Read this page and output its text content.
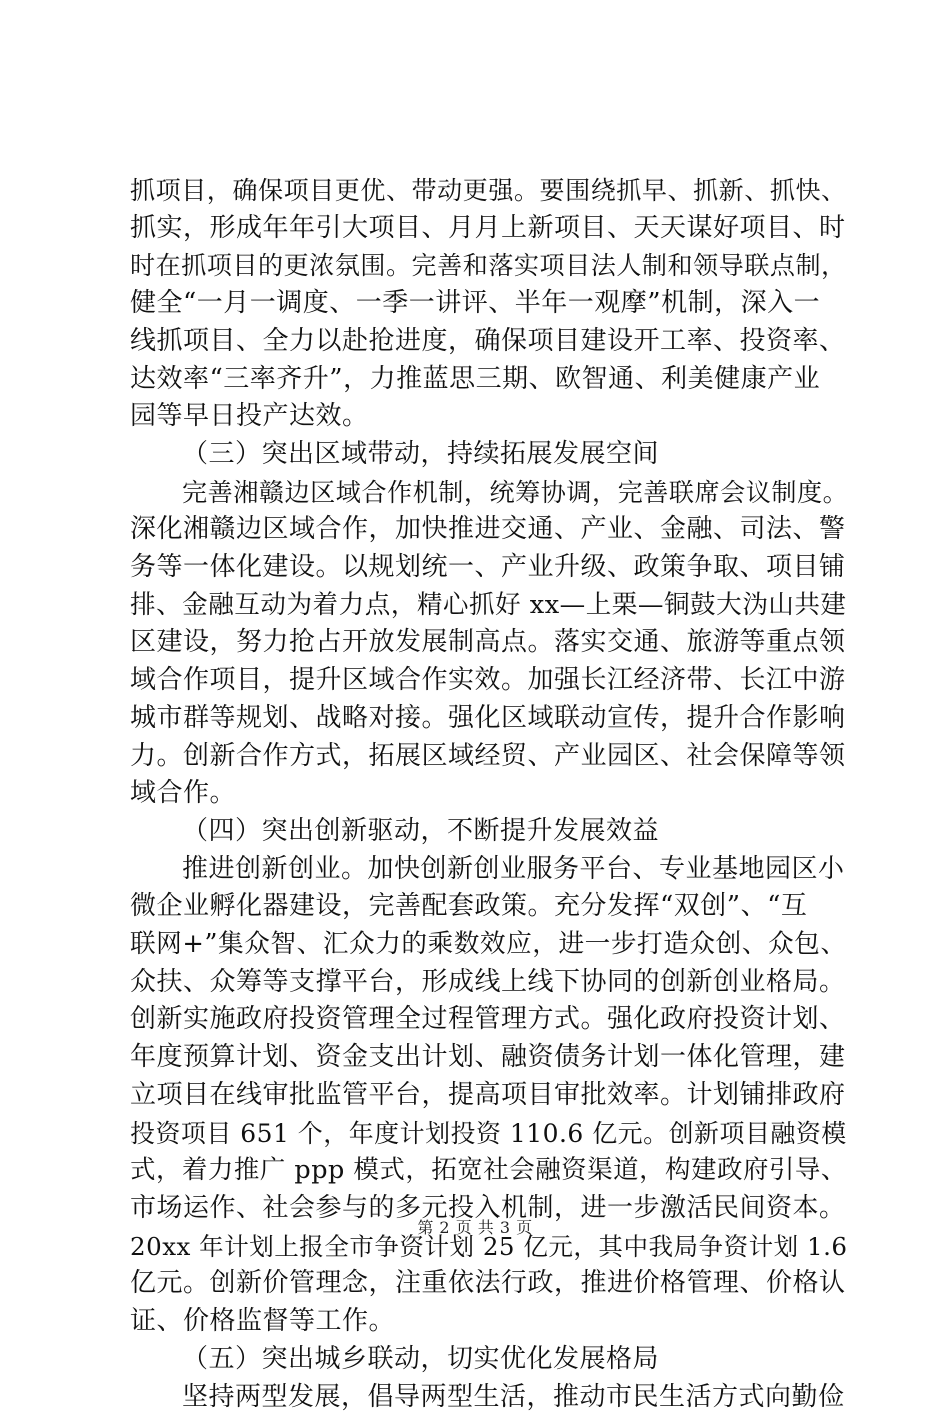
抓项目，确保项目更优、带动更强。要围绕抓早、抓新、抓快、

抓实，形成年年引大项目、月月上新项目、天天谋好项目、时

时在抓项目的更浓氛围。完善和落实项目法人制和领导联点制，

健全“一月一调度、一季一讲评、半年一观摩”机制，深入一

线抓项目、全力以赴抢进度，确保项目建设开工率、投资率、

达效率“三率齐升”，力推蓝思三期、欧智通、利美健康产业

园等早日投产达效。

（三）突出区域带动，持续拓展发展空间

完善湘赣边区域合作机制，统筹协调，完善联席会议制度。

深化湘赣边区域合作，加快推进交通、产业、金融、司法、警

务等一体化建设。以规划统一、产业升级、政策争取、项目铺

排、金融互动为着力点，精心抓好 xx—上栗—铜鼓大沩山共建

区建设，努力抢占开放发展制高点。落实交通、旅游等重点领

域合作项目，提升区域合作实效。加强长江经济带、长江中游

城市群等规划、战略对接。强化区域联动宣传，提升合作影响

力。创新合作方式，拓展区域经贸、产业园区、社会保障等领

域合作。

（四）突出创新驱动，不断提升发展效益

推进创新创业。加快创新创业服务平台、专业基地园区小

微企业孵化器建设，完善配套政策。充分发挥“双创”、“互

联网+”集众智、汇众力的乘数效应，进一步打造众创、众包、

众扶、众筹等支撑平台，形成线上线下协同的创新创业格局。

创新实施政府投资管理全过程管理方式。强化政府投资计划、

年度预算计划、资金支出计划、融资债务计划一体化管理，建

立项目在线审批监管平台，提高项目审批效率。计划铺排政府

投资项目 651 个，年度计划投资 110.6 亿元。创新项目融资模

式，着力推广 ppp 模式，拓宽社会融资渠道，构建政府引导、

市场运作、社会参与的多元投入机制，进一步激活民间资本。

20xx 年计划上报全市争资计划 25 亿元，其中我局争资计划 1.6

亿元。创新价管理念，注重依法行政，推进价格管理、价格认

证、价格监督等工作。

（五）突出城乡联动，切实优化发展格局

坚持两型发展，倡导两型生活，推动市民生活方式向勤俭

第 2 页 共 3 页
